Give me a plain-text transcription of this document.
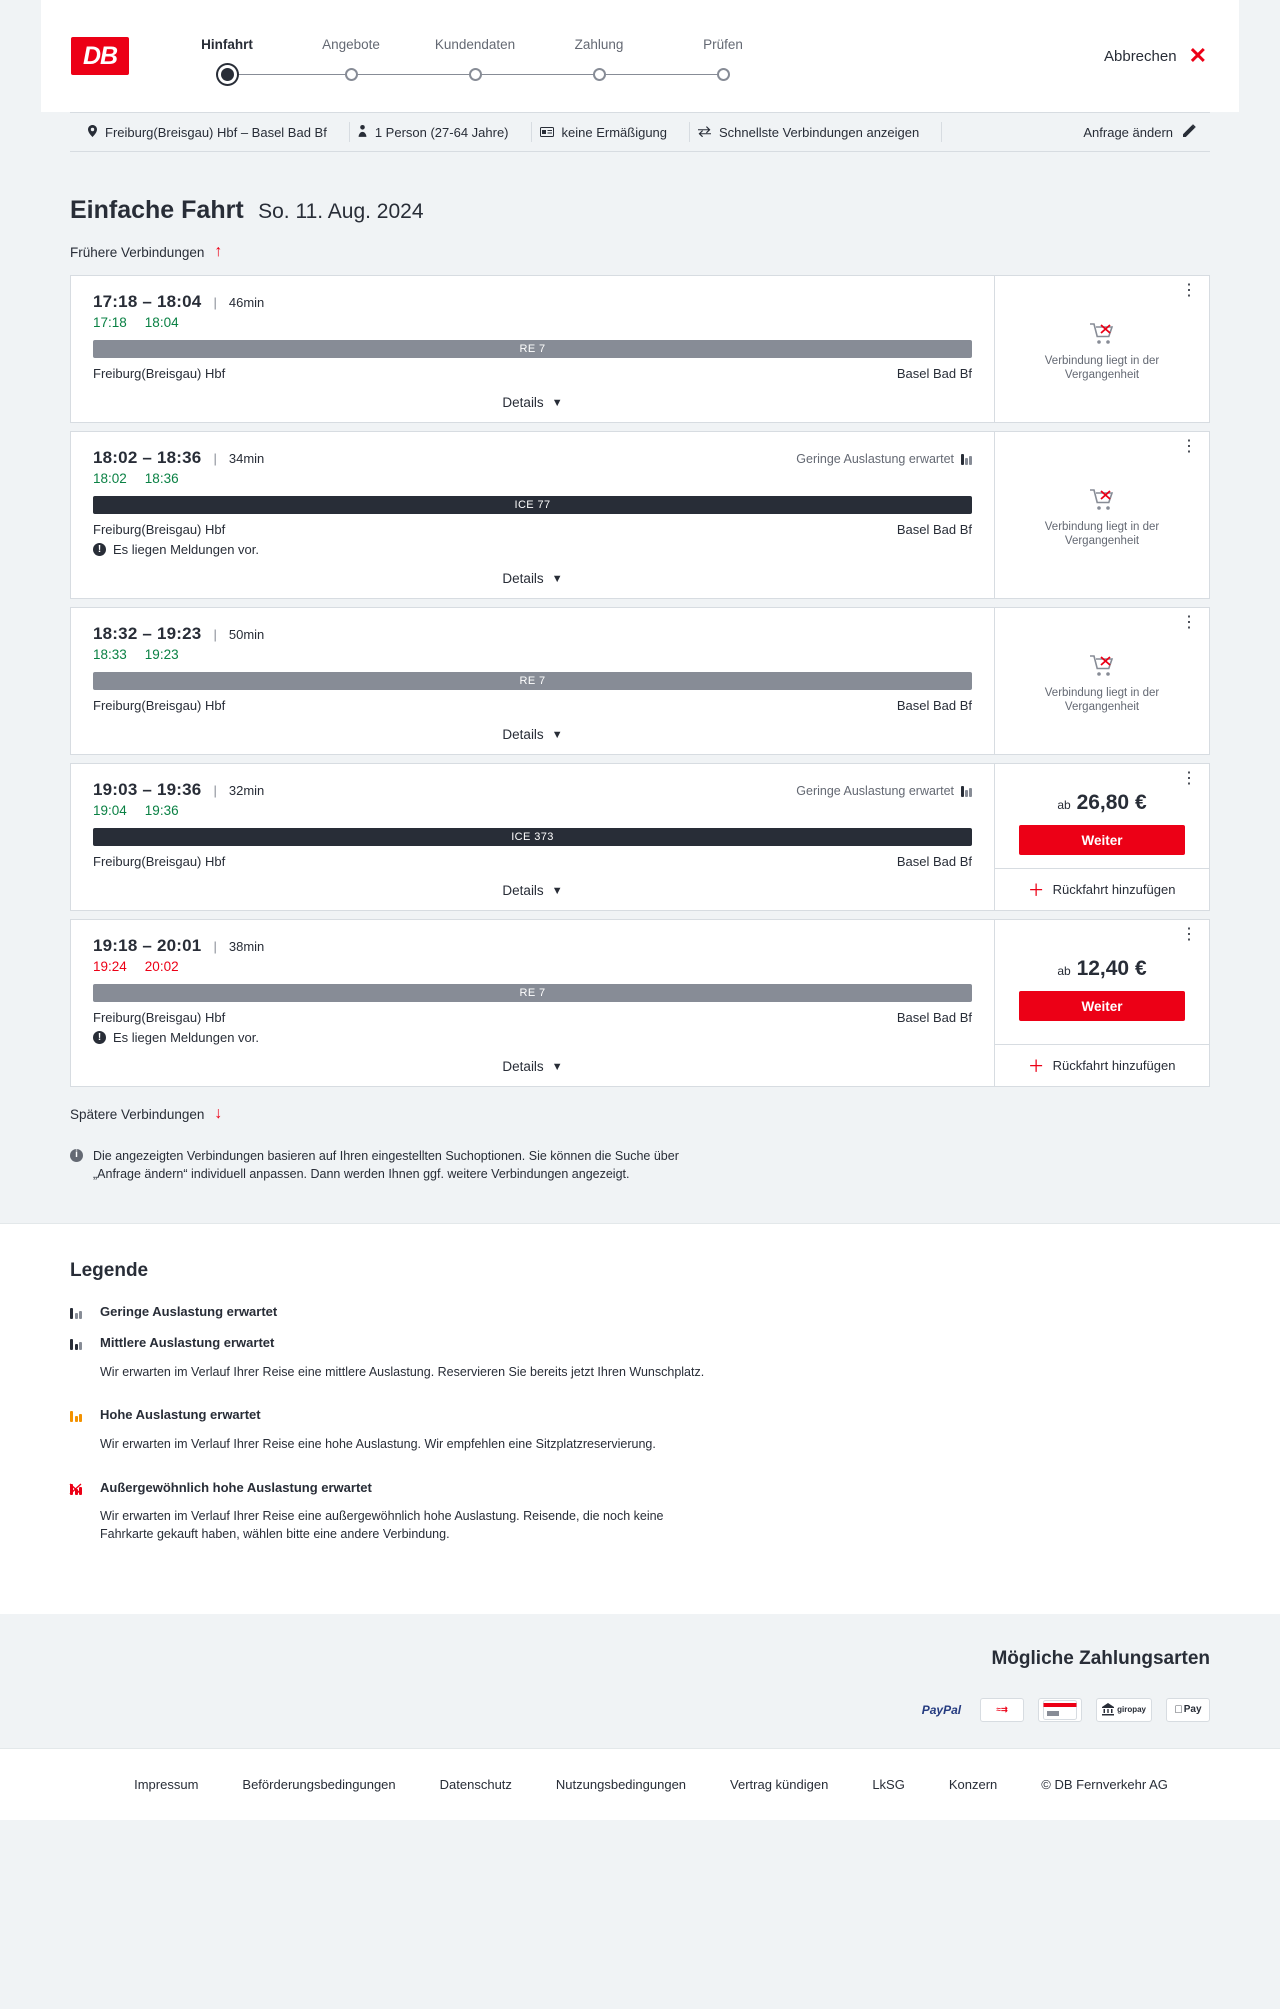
DB	Hinfahrt	Angebote	Kundendaten	Zahlung	Prüfen
Abbrechen ✕
Freiburg(Breisgau) Hbf – Basel Bad Bf	1 Person (27-64 Jahre)	keine Ermäßigung	Schnellste Verbindungen anzeigen	Anfrage ändern
Einfache Fahrt So. 11. Aug. 2024
Frühere Verbindungen ↑
17:18 – 18:04 | 46min
17:18 18:04
RE 7
Freiburg(Breisgau) Hbf	Basel Bad Bf
Details ▼
⋮
Verbindung liegt in der Vergangenheit
18:02 – 18:36 | 34min	Geringe Auslastung erwartet
18:02 18:36
ICE 77
Freiburg(Breisgau) Hbf	Basel Bad Bf
! Es liegen Meldungen vor.
Details ▼
⋮
Verbindung liegt in der Vergangenheit
18:32 – 19:23 | 50min
18:33 19:23
RE 7
Freiburg(Breisgau) Hbf	Basel Bad Bf
Details ▼
⋮
Verbindung liegt in der Vergangenheit
19:03 – 19:36 | 32min	Geringe Auslastung erwartet
19:04 19:36
ICE 373
Freiburg(Breisgau) Hbf	Basel Bad Bf
Details ▼
⋮
ab 26,80 €
Weiter
＋ Rückfahrt hinzufügen
19:18 – 20:01 | 38min
19:24 20:02
RE 7
Freiburg(Breisgau) Hbf	Basel Bad Bf
! Es liegen Meldungen vor.
Details ▼
⋮
ab 12,40 €
Weiter
＋ Rückfahrt hinzufügen
Spätere Verbindungen ↓
i	Die angezeigten Verbindungen basieren auf Ihren eingestellten Suchoptionen. Sie können die Suche über „Anfrage ändern“ individuell anpassen. Dann werden Ihnen ggf. weitere Verbindungen angezeigt.
Legende

Geringe Auslastung erwartet

Mittlere Auslastung erwartet

Wir erwarten im Verlauf Ihrer Reise eine mittlere Auslastung. Reservieren Sie bereits jetzt Ihren Wunschplatz.

Hohe Auslastung erwartet

Wir erwarten im Verlauf Ihrer Reise eine hohe Auslastung. Wir empfehlen eine Sitzplatzreservierung.

Außergewöhnlich hohe Auslastung erwartet

Wir erwarten im Verlauf Ihrer Reise eine außergewöhnlich hohe Auslastung. Reisende, die noch keine Fahrkarte gekauft haben, wählen bitte eine andere Verbindung.

Mögliche Zahlungsarten
PayPal	≈⇉	giropay	Pay
Impressum	Beförderungsbedingungen	Datenschutz	Nutzungsbedingungen	Vertrag kündigen	LkSG	Konzern	© DB Fernverkehr AG
